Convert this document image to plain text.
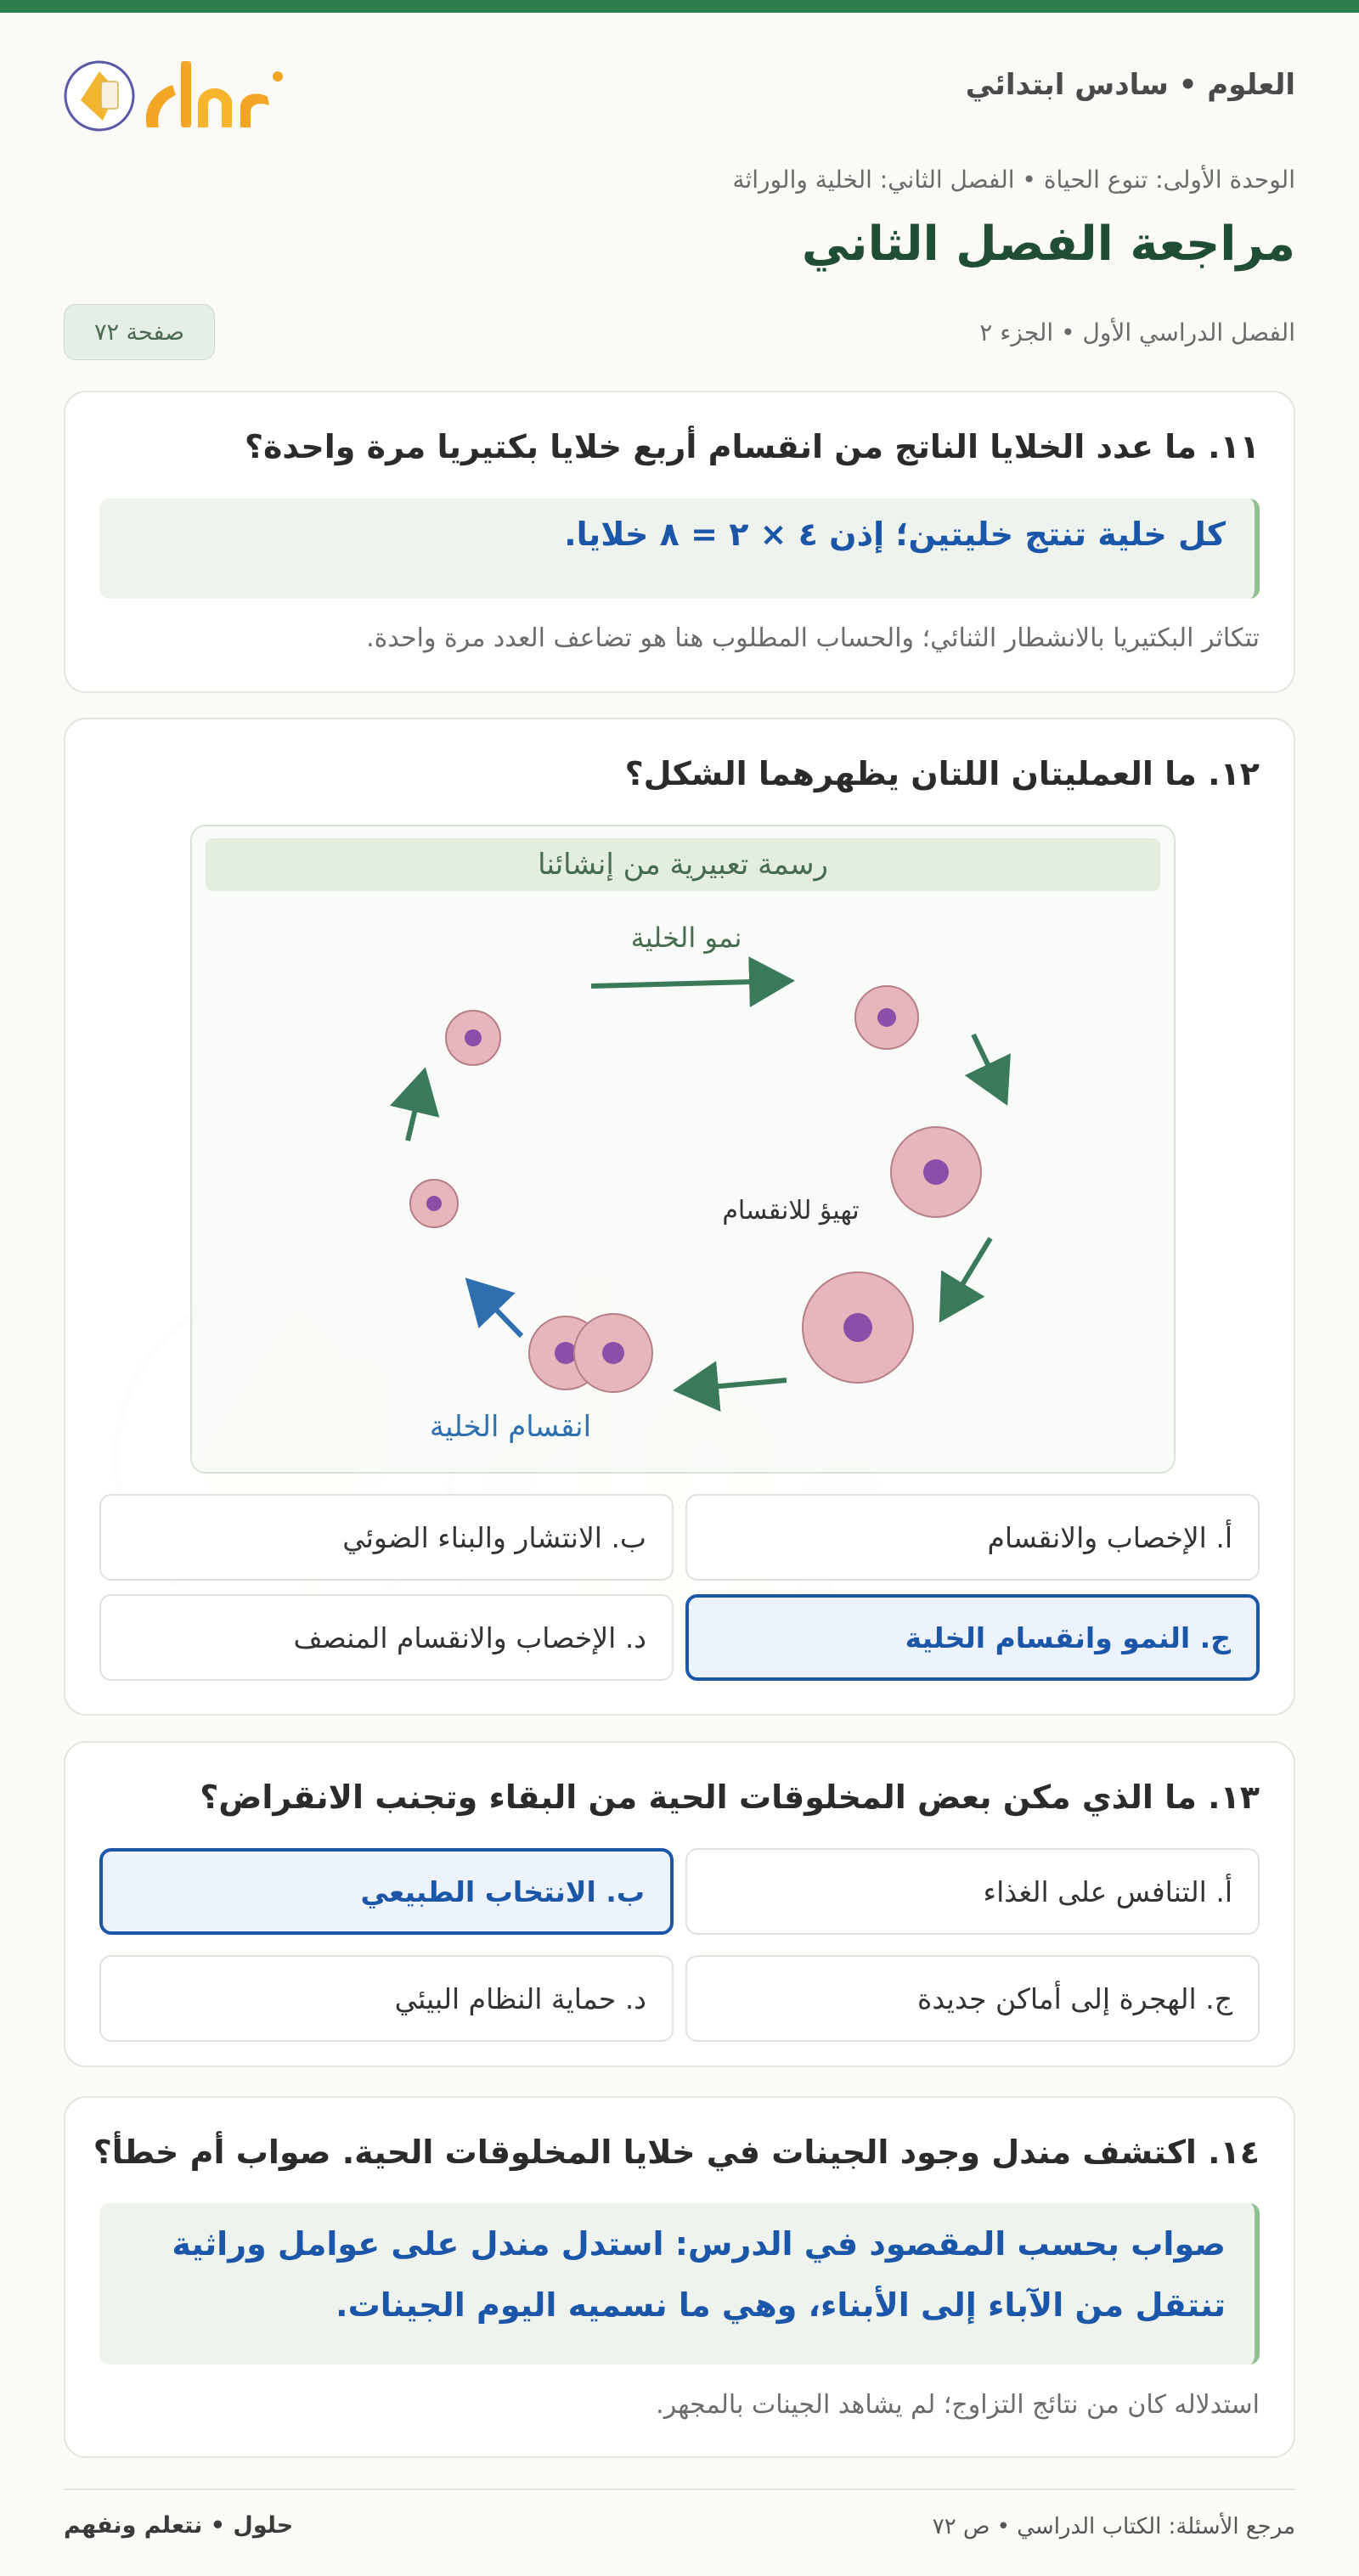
العلوم • سادس ابتدائي
الوحدة الأولى: تنوع الحياة • الفصل الثاني: الخلية والوراثة
مراجعة الفصل الثاني
الفصل الدراسي الأول • الجزء ٢
صفحة ٧٢
١١. ما عدد الخلايا الناتج من انقسام أربع خلايا بكتيريا مرة واحدة؟
كل خلية تنتج خليتين؛ إذن ٤ × ٢ = ٨ خلايا.
تتكاثر البكتيريا بالانشطار الثنائي؛ والحساب المطلوب هنا هو تضاعف العدد مرة واحدة.
١٢. ما العمليتان اللتان يظهرهما الشكل؟
رسمة تعبيرية من إنشائنا
نمو الخلية
تهيؤ للانقسام
انقسام الخلية
أ. الإخصاب والانقسام
ب. الانتشار والبناء الضوئي
ج. النمو وانقسام الخلية
د. الإخصاب والانقسام المنصف
١٣. ما الذي مكن بعض المخلوقات الحية من البقاء وتجنب الانقراض؟
أ. التنافس على الغذاء
ب. الانتخاب الطبيعي
ج. الهجرة إلى أماكن جديدة
د. حماية النظام البيئي
١٤. اكتشف مندل وجود الجينات في خلايا المخلوقات الحية. صواب أم خطأ؟
صواب بحسب المقصود في الدرس: استدل مندل على عوامل وراثية
تنتقل من الآباء إلى الأبناء، وهي ما نسميه اليوم الجينات.
استدلاله كان من نتائج التزاوج؛ لم يشاهد الجينات بالمجهر.
مرجع الأسئلة: الكتاب الدراسي • ص ٧٢
حلول • نتعلم ونفهم
